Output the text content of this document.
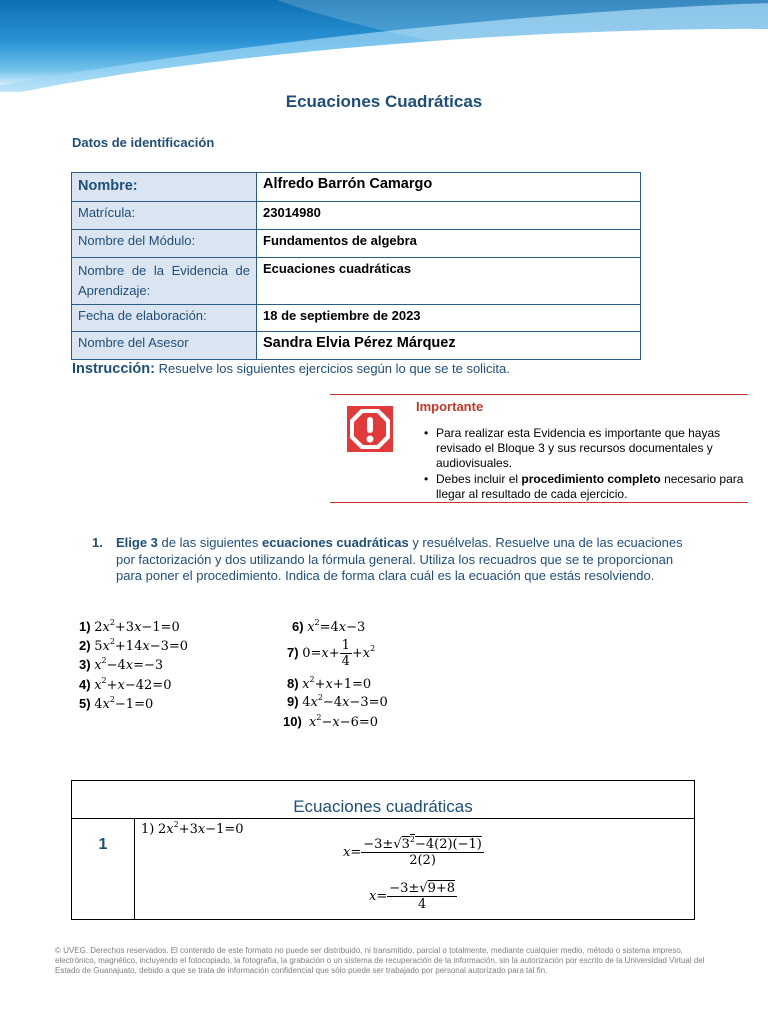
Ecuaciones Cuadráticas
Datos de identificación
Nombre:	Alfredo Barrón Camargo
Matrícula:	23014980
Nombre del Módulo:	Fundamentos de algebra
Nombre de la Evidencia de Aprendizaje:	Ecuaciones cuadráticas
Fecha de elaboración:	18 de septiembre de 2023
Nombre del Asesor	Sandra Elvia Pérez Márquez
Instrucción: Resuelve los siguientes ejercicios según lo que se te solicita.
Importante
• Para realizar esta Evidencia es importante que hayas revisado el Bloque 3 y sus recursos documentales y audiovisuales.
• Debes incluir el procedimiento completo necesario para llegar al resultado de cada ejercicio.
1. Elige 3 de las siguientes ecuaciones cuadráticas y resuélvelas. Resuelve una de las ecuaciones por factorización y dos utilizando la fórmula general. Utiliza los recuadros que se te proporcionan para poner el procedimiento. Indica de forma clara cuál es la ecuación que estás resolviendo.
1) $2x^2+3x-1=0$
2) $5x^2+14x-3=0$
3) $x^2-4x=-3$
4) $x^2+x-42=0$
5) $4x^2-1=0$
6) $x^2=4x-3$
7) $0=x+ \frac{1}{4} +x^2$
8) $x^2+x+1=0$
9) $4x^2-4x-3=0$
10) $x^2-x-6=0$
Ecuaciones cuadráticas
1
1) $2x^2+3x-1=0$
$x= \frac{-3\pm√3^2-4(2)(-1)}{2(2)}$
$x= \frac{-3\pm√9+8}{4}$
© UVEG. Derechos reservados. El contenido de este formato no puede ser distribuido, ni transmitido, parcial o totalmente, mediante cualquier medio, método o sistema impreso, electrónico, magnético, incluyendo el fotocopiado, la fotografía, la grabación o un sistema de recuperación de la información, sin la autorización por escrito de la Universidad Virtual del Estado de Guanajuato, debido a que se trata de información confidencial que sólo puede ser trabajado por personal autorizado para tal fin.
